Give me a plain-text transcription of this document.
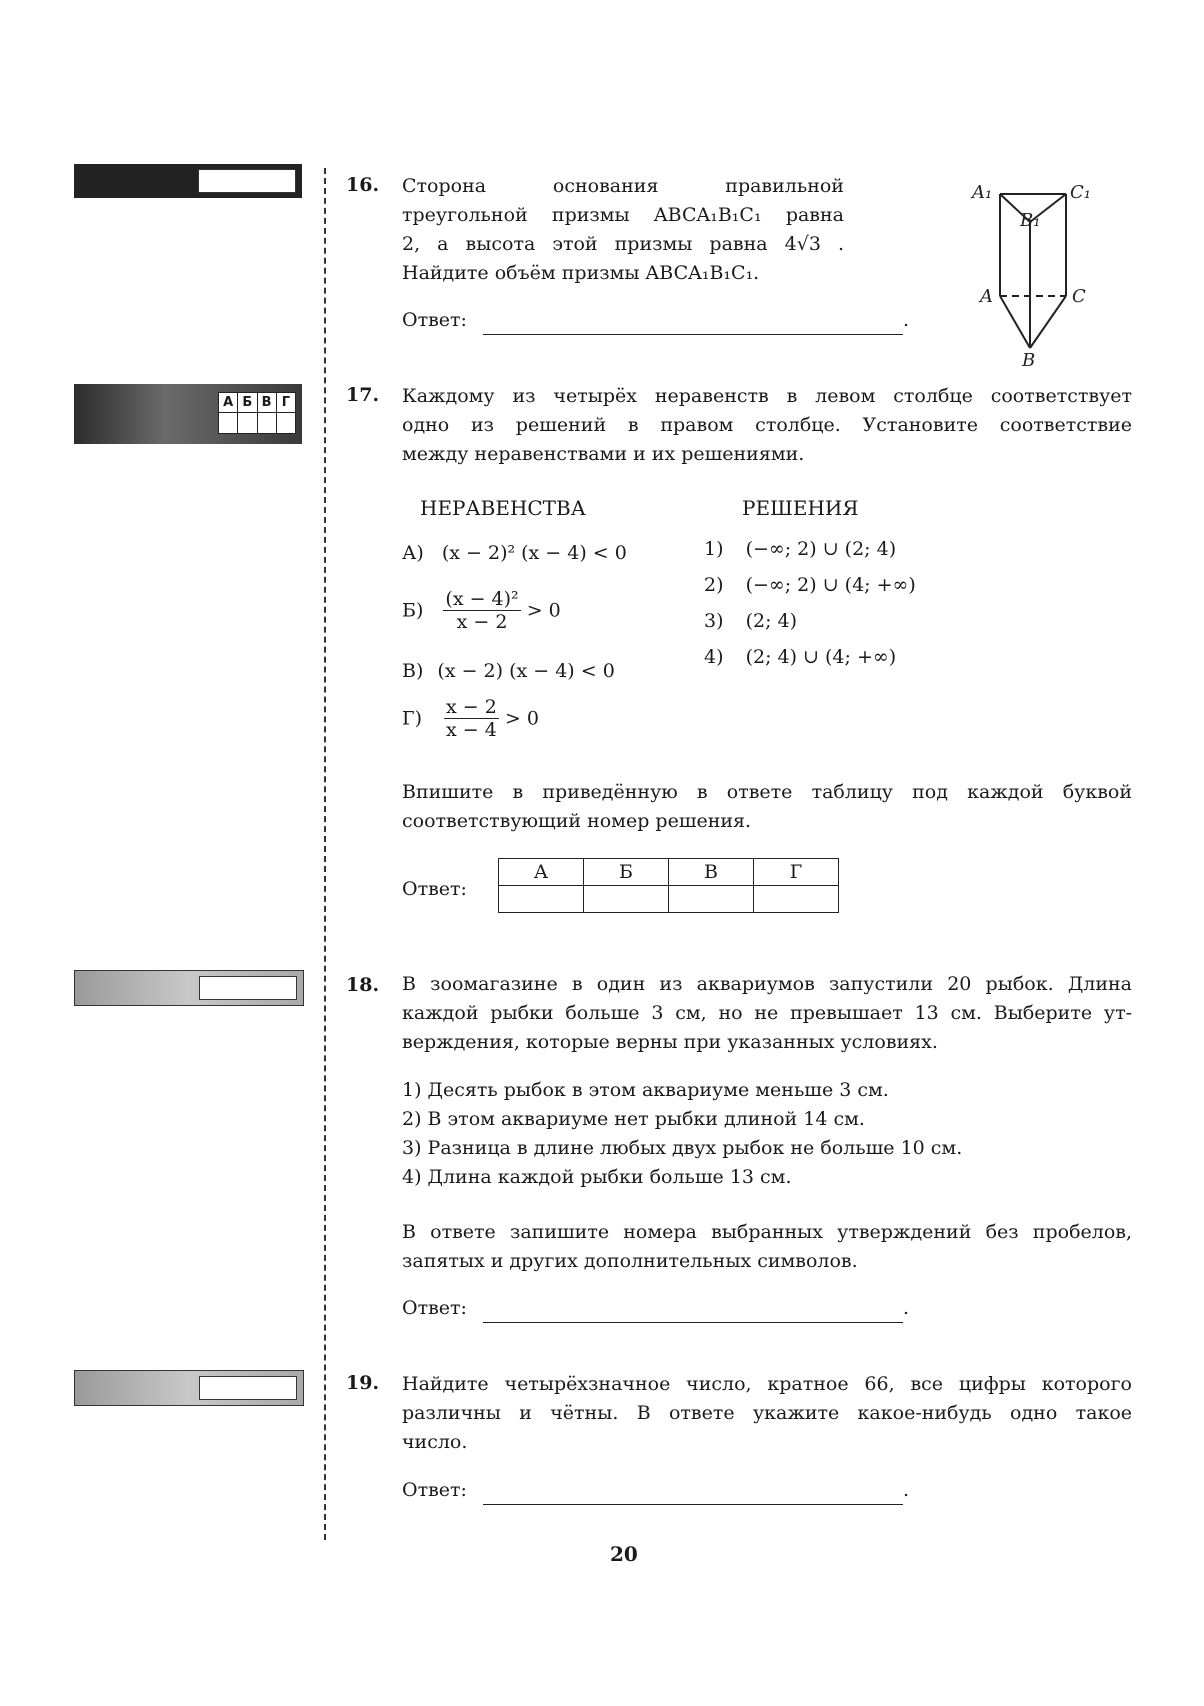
А Б В Г
16. Сторона	основания	правильной
треугольной призмы ABCA₁B₁C₁ равна
2, а высота этой призмы равна 4√3 .
Найдите объём призмы ABCA₁B₁C₁.
Ответ:	.
A₁	C₁
B₁
A	C
B
17. Каждому из четырёх неравенств в левом столбце соответствует
одно из решений в правом столбце. Установите соответствие
между неравенствами и их решениями.
НЕРАВЕНСТВА	РЕШЕНИЯ
А) (x − 2)² (x − 4) < 0
$Б) \frac{\text{(x − 4)²}}{x - 2} > 0$
В) (x − 2) (x − 4) < 0
$Г) \frac{x - 2}{x - 4} > 0$
1) (−∞; 2) ∪ (2; 4)
2) (−∞; 2) ∪ (4; +∞)
3) (2; 4)
4) (2; 4) ∪ (4; +∞)
Впишите в приведённую в ответе таблицу под каждой буквой
соответствующий номер решения.
Ответ:
А	Б	В	Г

18. В зоомагазине в один из аквариумов запустили 20 рыбок. Длина
каждой рыбки больше 3 см, но не превышает 13 см. Выберите ут-
верждения, которые верны при указанных условиях.
1) Десять рыбок в этом аквариуме меньше 3 см.
2) В этом аквариуме нет рыбки длиной 14 см.
3) Разница в длине любых двух рыбок не больше 10 см.
4) Длина каждой рыбки больше 13 см.
В ответе запишите номера выбранных утверждений без пробелов,
запятых и других дополнительных символов.
Ответ:	.
19. Найдите четырёхзначное число, кратное 66, все цифры которого
различны и чётны. В ответе укажите какое-нибудь одно такое
число.
Ответ:	.
20
